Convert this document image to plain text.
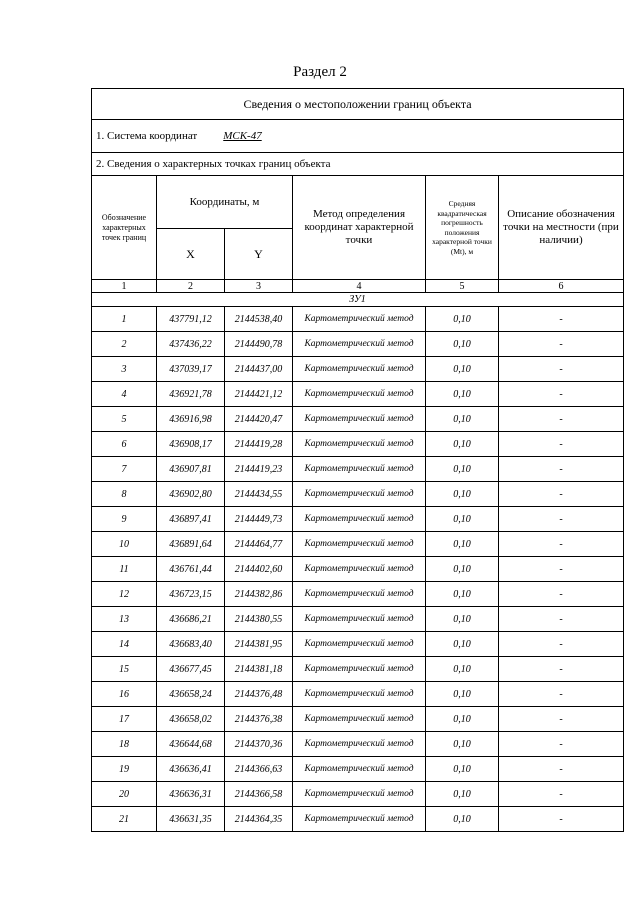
Раздел 2
Сведения о местоположении границ объекта					
1. Система координат МСК-47					
2. Сведения о характерных точках границ объекта					
Обозначение характерных точек границ	Координаты, м		Метод определения координат характерной точки	Средняя квадратическая погрешность положения характерной точки (Mt), м	Описание обозначения точки на местности (при наличии)
	X	Y			
1	2	3	4	5	6
ЗУ1					
1	437791,12	2144538,40	Картометрический метод	0,10	-
2	437436,22	2144490,78	Картометрический метод	0,10	-
3	437039,17	2144437,00	Картометрический метод	0,10	-
4	436921,78	2144421,12	Картометрический метод	0,10	-
5	436916,98	2144420,47	Картометрический метод	0,10	-
6	436908,17	2144419,28	Картометрический метод	0,10	-
7	436907,81	2144419,23	Картометрический метод	0,10	-
8	436902,80	2144434,55	Картометрический метод	0,10	-
9	436897,41	2144449,73	Картометрический метод	0,10	-
10	436891,64	2144464,77	Картометрический метод	0,10	-
11	436761,44	2144402,60	Картометрический метод	0,10	-
12	436723,15	2144382,86	Картометрический метод	0,10	-
13	436686,21	2144380,55	Картометрический метод	0,10	-
14	436683,40	2144381,95	Картометрический метод	0,10	-
15	436677,45	2144381,18	Картометрический метод	0,10	-
16	436658,24	2144376,48	Картометрический метод	0,10	-
17	436658,02	2144376,38	Картометрический метод	0,10	-
18	436644,68	2144370,36	Картометрический метод	0,10	-
19	436636,41	2144366,63	Картометрический метод	0,10	-
20	436636,31	2144366,58	Картометрический метод	0,10	-
21	436631,35	2144364,35	Картометрический метод	0,10	-
